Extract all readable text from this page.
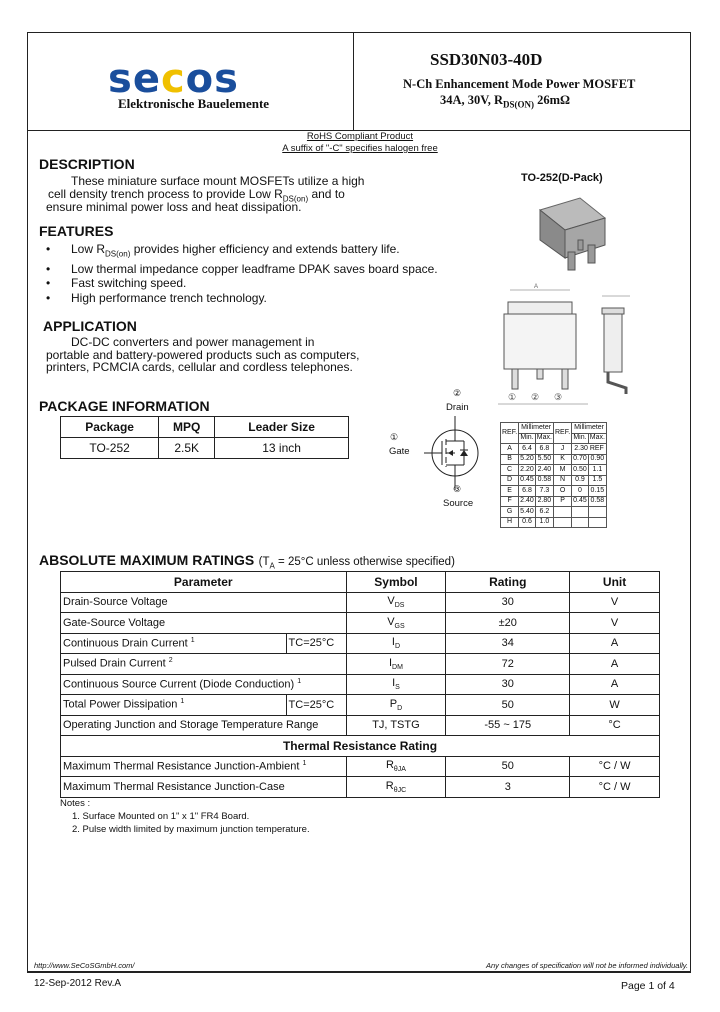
secos
Elektronische Bauelemente
SSD30N03-40D
N-Ch Enhancement Mode Power MOSFET
34A, 30V, $R_{DS(ON)}$ 26mΩ
RoHS Compliant Product
A suffix of "-C" specifies halogen free
DESCRIPTION
These miniature surface mount MOSFETs utilize a high
cell density trench process to provide Low $R_{DS(on)}$ and to
ensure minimal power loss and heat dissipation.
FEATURES
• Low $R_{DS(on)}$ provides higher efficiency and extends battery life.
• Low thermal impedance copper leadframe DPAK saves board space.
• Fast switching speed.
• High performance trench technology.
APPLICATION
DC-DC converters and power management in
portable and battery-powered products such as computers,
printers, PCMCIA cards, cellular and cordless telephones.
PACKAGE INFORMATION
Package	MPQ	Leader Size
TO-252	2.5K	13 inch
TO-252(D-Pack)
A
① ② ③
REF.	Millimeter		REF.	Millimeter	
	Min.	Max.		Min.	Max.
A	6.4	6.8	J	2.30 REF	
B	5.20	5.50	K	0.70	0.90
C	2.20	2.40	M	0.50	1.1
D	0.45	0.58	N	0.9	1.5
E	6.8	7.3	O	0	0.15
F	2.40	2.80	P	0.45	0.58
G	5.40	6.2			
H	0.6	1.0			
②
Drain
①
Gate
③
Source
ABSOLUTE MAXIMUM RATINGS ($T_A = 25^\circ C$ unless otherwise specified)
Parameter		Symbol	Rating	Unit
Drain-Source Voltage		$V_{DS}$	30	V
Gate-Source Voltage		$V_{GS}$	±20	V
Continuous Drain Current $^1$	TC=25°C	$I_D$	34	A
Pulsed Drain Current $^2$		$I_{DM}$	72	A
Continuous Source Current (Diode Conduction) $^1$		$I_S$	30	A
Total Power Dissipation $^1$	TC=25°C	$P_D$	50	W
Operating Junction and Storage Temperature Range		TJ, TSTG	-55 ~ 175	°C
Thermal Resistance Rating				
Maximum Thermal Resistance Junction-Ambient $^1$		$R_{\theta JA}$	50	°C / W
Maximum Thermal Resistance Junction-Case		$R_{\theta JC}$	3	°C / W
Notes :
1. Surface Mounted on 1" x 1" FR4 Board.
2. Pulse width limited by maximum junction temperature.
http://www.SeCoSGmbH.com/	Any changes of specification will not be informed individually.
12-Sep-2012 Rev.A	Page 1 of 4
